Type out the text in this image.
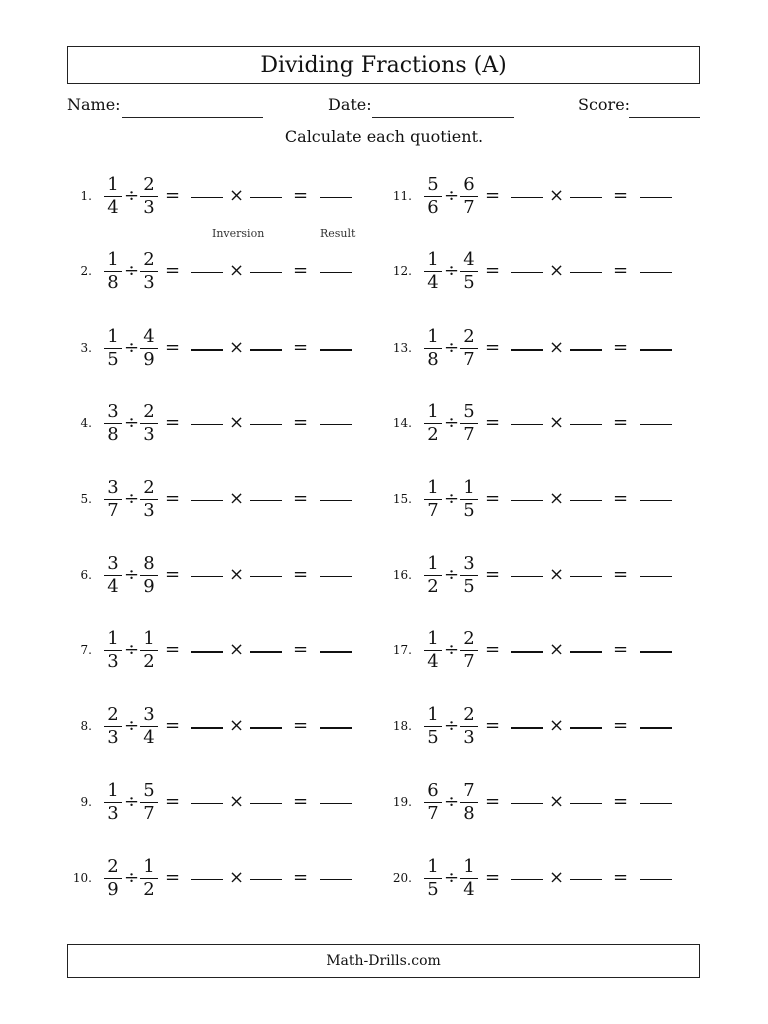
Dividing Fractions (A)
Name:	Date:	Score:
Calculate each quotient.
1.
1
4
÷
2
3
=	×	=
2.
1
8
÷
2
3
=	×	=
3.
1
5
÷
4
9
=	×	=
4.
3
8
÷
2
3
=	×	=
5.
3
7
÷
2
3
=	×	=
6.
3
4
÷
8
9
=	×	=
7.
1
3
÷
1
2
=	×	=
8.
2
3
÷
3
4
=	×	=
9.
1
3
÷
5
7
=	×	=
10.
2
9
÷
1
2
=	×	=
11.
5
6
÷
6
7
=	×	=
12.
1
4
÷
4
5
=	×	=
13.
1
8
÷
2
7
=	×	=
14.
1
2
÷
5
7
=	×	=
15.
1
7
÷
1
5
=	×	=
16.
1
2
÷
3
5
=	×	=
17.
1
4
÷
2
7
=	×	=
18.
1
5
÷
2
3
=	×	=
19.
6
7
÷
7
8
=	×	=
20.
1
5
÷
1
4
=	×	=
Inversion	Result
Math-Drills.com
